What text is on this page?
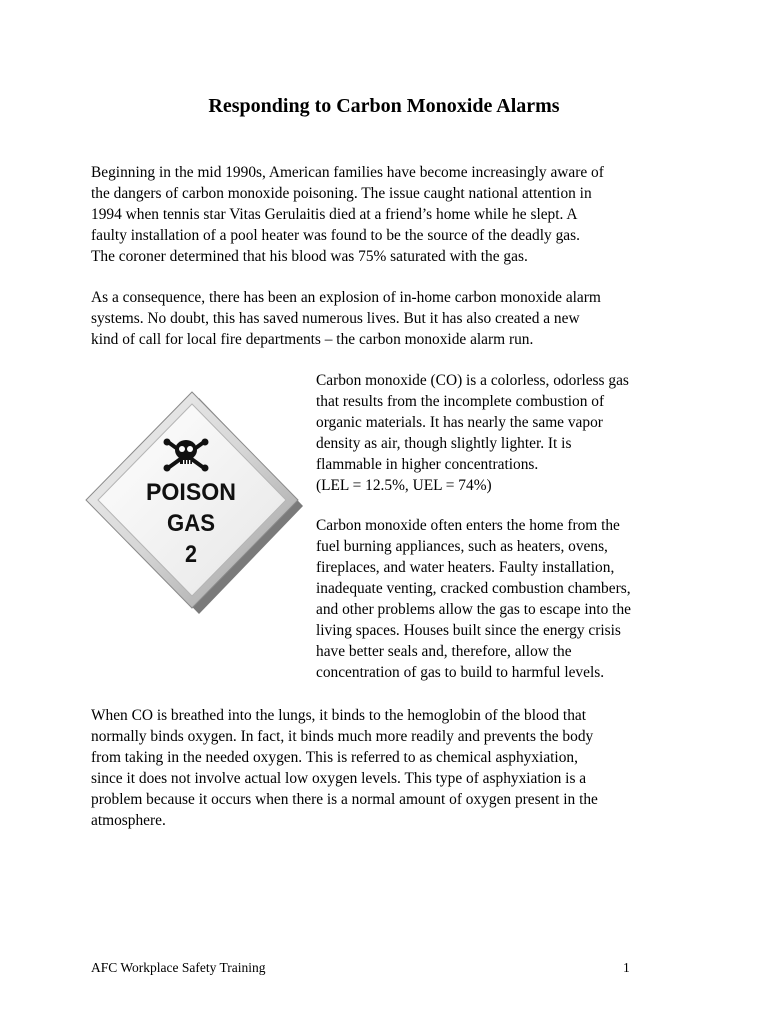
Responding to Carbon Monoxide Alarms

Beginning in the mid 1990s, American families have become increasingly aware of
the dangers of carbon monoxide poisoning. The issue caught national attention in
1994 when tennis star Vitas Gerulaitis died at a friend’s home while he slept. A
faulty installation of a pool heater was found to be the source of the deadly gas.
The coroner determined that his blood was 75% saturated with the gas.

As a consequence, there has been an explosion of in-home carbon monoxide alarm
systems. No doubt, this has saved numerous lives. But it has also created a new
kind of call for local fire departments – the carbon monoxide alarm run.

POISON
GAS
2

Carbon monoxide (CO) is a colorless, odorless gas
that results from the incomplete combustion of
organic materials. It has nearly the same vapor
density as air, though slightly lighter. It is
flammable in higher concentrations.
(LEL = 12.5%, UEL = 74%)

Carbon monoxide often enters the home from the
fuel burning appliances, such as heaters, ovens,
fireplaces, and water heaters. Faulty installation,
inadequate venting, cracked combustion chambers,
and other problems allow the gas to escape into the
living spaces. Houses built since the energy crisis
have better seals and, therefore, allow the
concentration of gas to build to harmful levels.

When CO is breathed into the lungs, it binds to the hemoglobin of the blood that
normally binds oxygen. In fact, it binds much more readily and prevents the body
from taking in the needed oxygen. This is referred to as chemical asphyxiation,
since it does not involve actual low oxygen levels. This type of asphyxiation is a
problem because it occurs when there is a normal amount of oxygen present in the
atmosphere.

AFC Workplace Safety Training	1
